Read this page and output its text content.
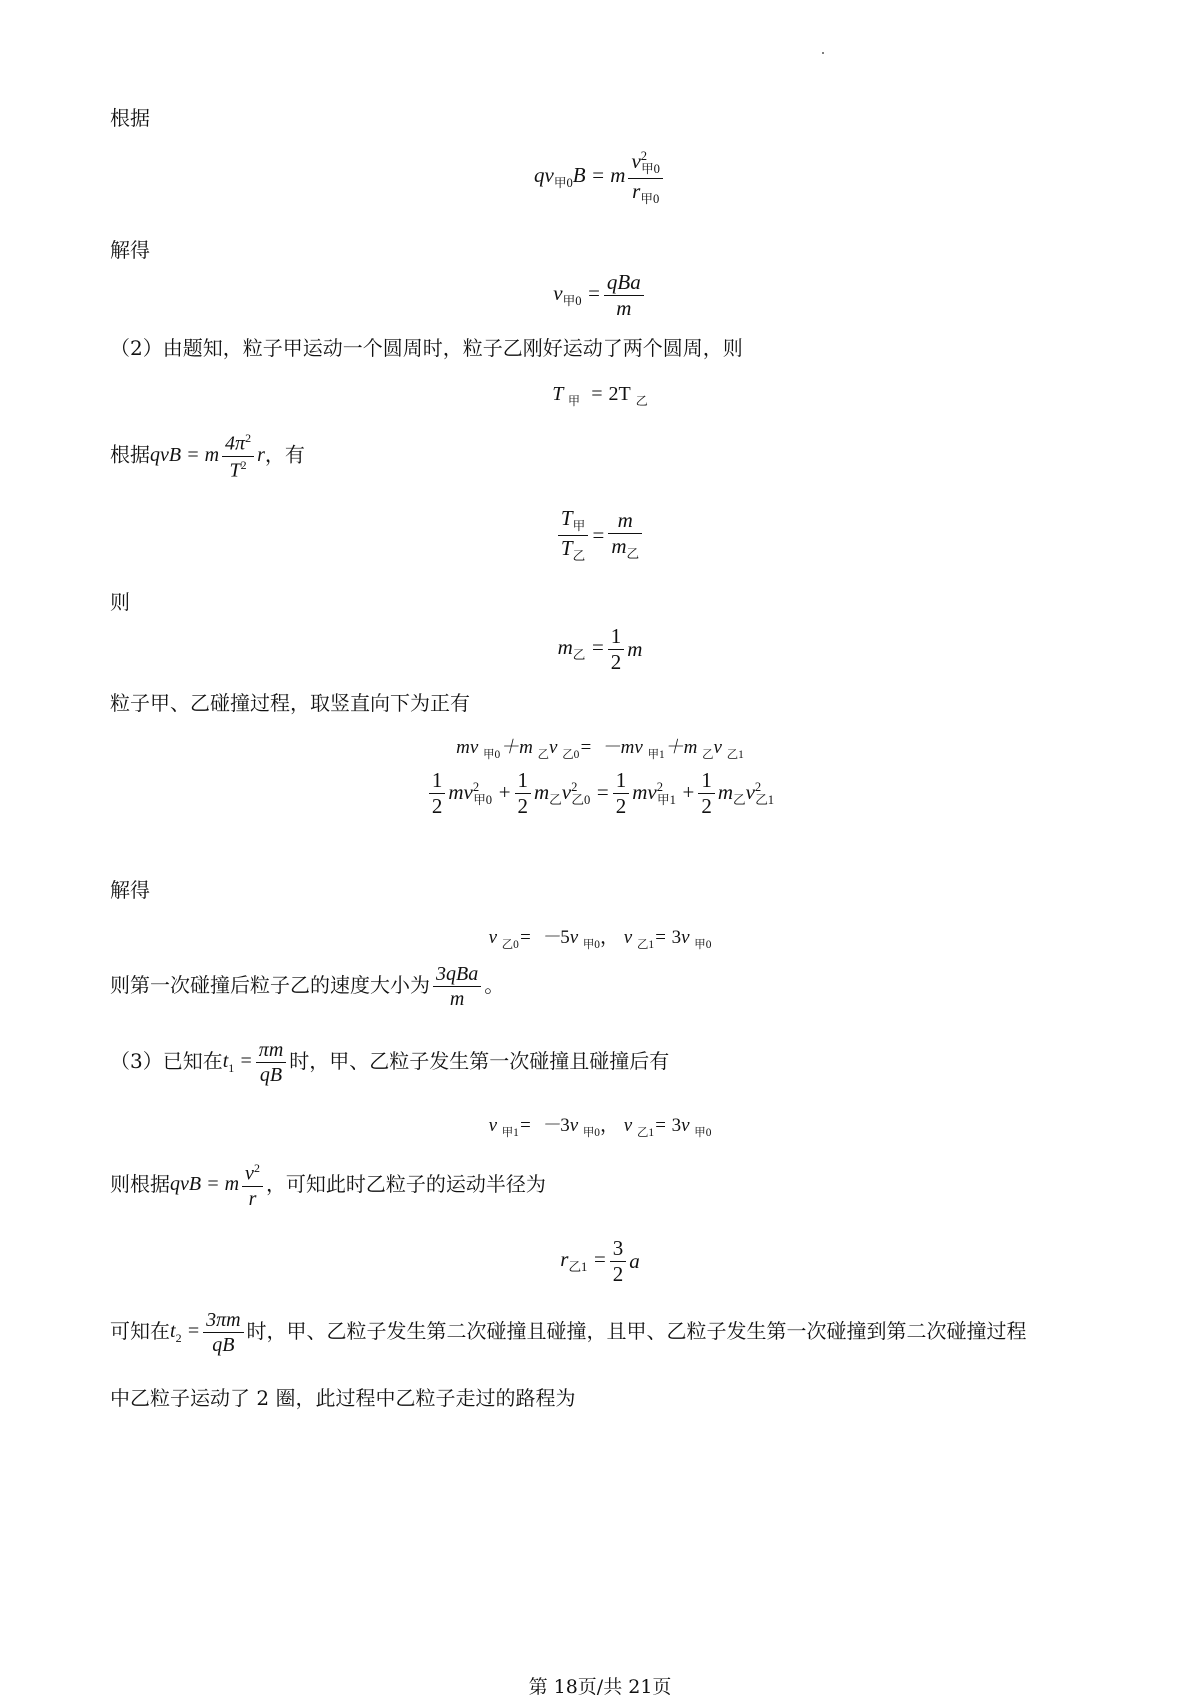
根据
$qv_{甲0}B = m \frac{v^2_{甲0}}{r_{甲0}}$
解得
$v_{甲0} = \frac{\text{qBa}}{m}$
（2）由题知，粒子甲运动一个圆周时，粒子乙刚好运动了两个圆周，则
T $_甲$  = 2T $_乙$
根据qvB = m $\frac{4\pi^2}{T^2}$ r，有
$\frac{T_甲}{T_乙} = \frac{m}{m_乙}$
则
$m_乙 = \frac{1}{2}$ m
粒子甲、乙碰撞过程，取竖直向下为正有
mv $_{甲0}$＋m $_乙$v $_{乙0}$=  －mv $_{甲1}$＋m $_乙$v $_{乙1}$
$\frac{1}{2} mv^2_{甲0} + \frac{1}{2} m_乙v^2_{乙0} = \frac{1}{2} mv^2_{甲1} + \frac{1}{2} m_乙v^2_{乙1}$
解得
v $_{乙0}$=  －5v $_{甲0}$， v $_{乙1}$= 3v $_{甲0}$
则第一次碰撞后粒子乙的速度大小为 $\frac{\text{3qBa}}{m}$ 。
（3）已知在$t_1 = \frac{\pi m}{qB}$ 时，甲、乙粒子发生第一次碰撞且碰撞后有
v $_{甲1}$=  －3v $_{甲0}$， v $_{乙1}$= 3v $_{甲0}$
则根据qvB = m $\frac{v^2}{r}$ ，可知此时乙粒子的运动半径为
$r_{乙1} = \frac{3}{2}$ a
可知在$t_2 = \frac{3\pi m}{qB}$ 时，甲、乙粒子发生第二次碰撞且碰撞，且甲、乙粒子发生第一次碰撞到第二次碰撞过程
中乙粒子运动了 2 圈，此过程中乙粒子走过的路程为
第 18页/共 21页
